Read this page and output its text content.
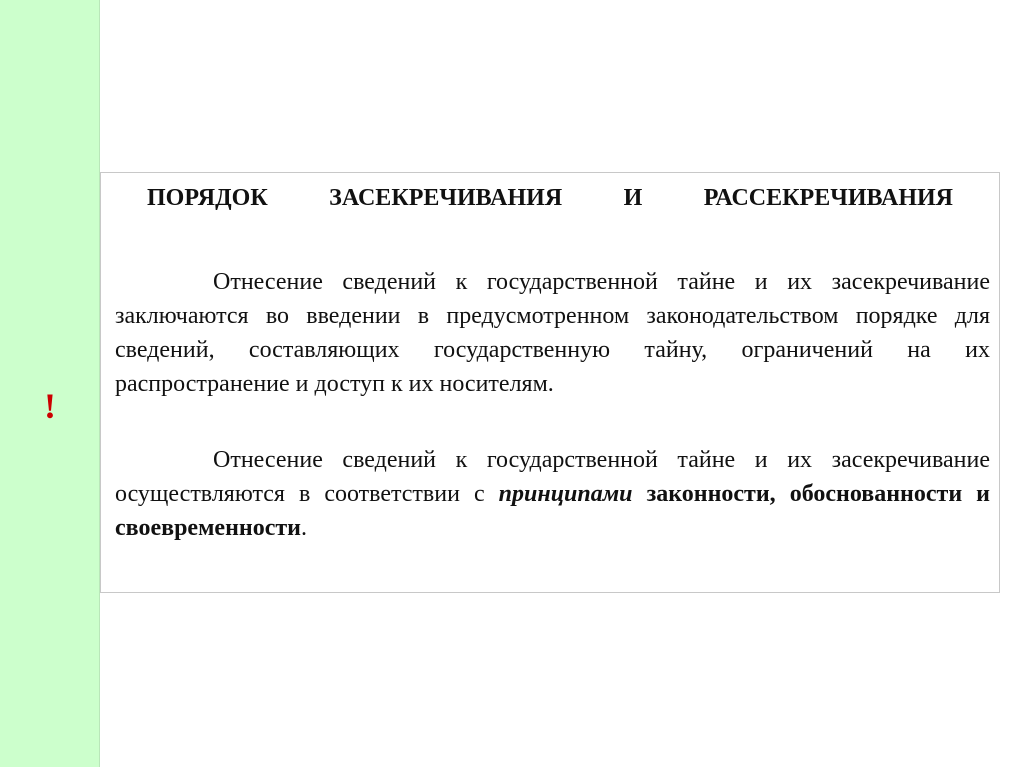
!
ПОРЯДОК ЗАСЕКРЕЧИВАНИЯ И РАССЕКРЕЧИВАНИЯ

Отнесение сведений к государственной тайне и их засекречивание заключаются во введении в предусмотренном законодательством порядке для сведений, составляющих государственную тайну, ограничений на их распространение и доступ к их носителям.

Отнесение сведений к государственной тайне и их засекречивание осуществляются в соответствии с принципами законности, обоснованности и своевременности.
